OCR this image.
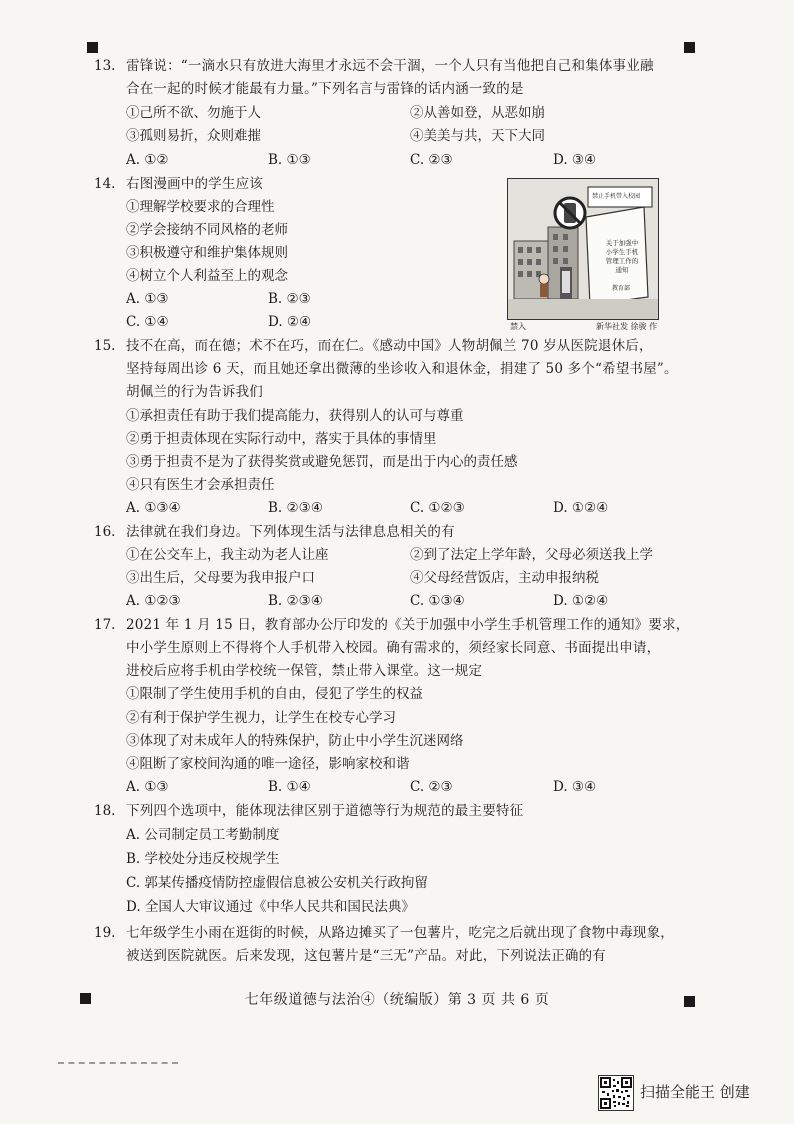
13. 雷锋说：“一滴水只有放进大海里才永远不会干涸，一个人只有当他把自己和集体事业融
合在一起的时候才能最有力量。”下列名言与雷锋的话内涵一致的是
①己所不欲、勿施于人	②从善如登，从恶如崩
③孤则易折，众则难摧	④美美与共，天下大同
A. ①②	B. ①③	C. ②③	D. ③④
14. 右图漫画中的学生应该
①理解学校要求的合理性
②学会接纳不同风格的老师
③积极遵守和维护集体规则
④树立个人利益至上的观念
A. ①③	B. ②③
C. ①④	D. ②④
禁止手机带入校园
关于加强中小学生手机管理工作的通知
教育部
禁入	新华社发 徐骏 作
15. 技不在高，而在德；术不在巧，而在仁。《感动中国》人物胡佩兰 70 岁从医院退休后，
坚持每周出诊 6 天，而且她还拿出微薄的坐诊收入和退休金，捐建了 50 多个“希望书屋”。
胡佩兰的行为告诉我们
①承担责任有助于我们提高能力，获得别人的认可与尊重
②勇于担责体现在实际行动中，落实于具体的事情里
③勇于担责不是为了获得奖赏或避免惩罚，而是出于内心的责任感
④只有医生才会承担责任
A. ①③④	B. ②③④	C. ①②③	D. ①②④
16. 法律就在我们身边。下列体现生活与法律息息相关的有
①在公交车上，我主动为老人让座	②到了法定上学年龄，父母必须送我上学
③出生后，父母要为我申报户口	④父母经营饭店，主动申报纳税
A. ①②③	B. ②③④	C. ①③④	D. ①②④
17. 2021 年 1 月 15 日，教育部办公厅印发的《关于加强中小学生手机管理工作的通知》要求，
中小学生原则上不得将个人手机带入校园。确有需求的，须经家长同意、书面提出申请，
进校后应将手机由学校统一保管，禁止带入课堂。这一规定
①限制了学生使用手机的自由，侵犯了学生的权益
②有利于保护学生视力，让学生在校专心学习
③体现了对未成年人的特殊保护，防止中小学生沉迷网络
④阻断了家校间沟通的唯一途径，影响家校和谐
A. ①③	B. ①④	C. ②③	D. ③④
18. 下列四个选项中，能体现法律区别于道德等行为规范的最主要特征
A. 公司制定员工考勤制度
B. 学校处分违反校规学生
C. 郭某传播疫情防控虚假信息被公安机关行政拘留
D. 全国人大审议通过《中华人民共和国民法典》
19. 七年级学生小雨在逛街的时候，从路边摊买了一包薯片，吃完之后就出现了食物中毒现象，
被送到医院就医。后来发现，这包薯片是“三无”产品。对此，下列说法正确的有
七年级道德与法治④（统编版）第 3 页 共 6 页
扫描全能王 创建
